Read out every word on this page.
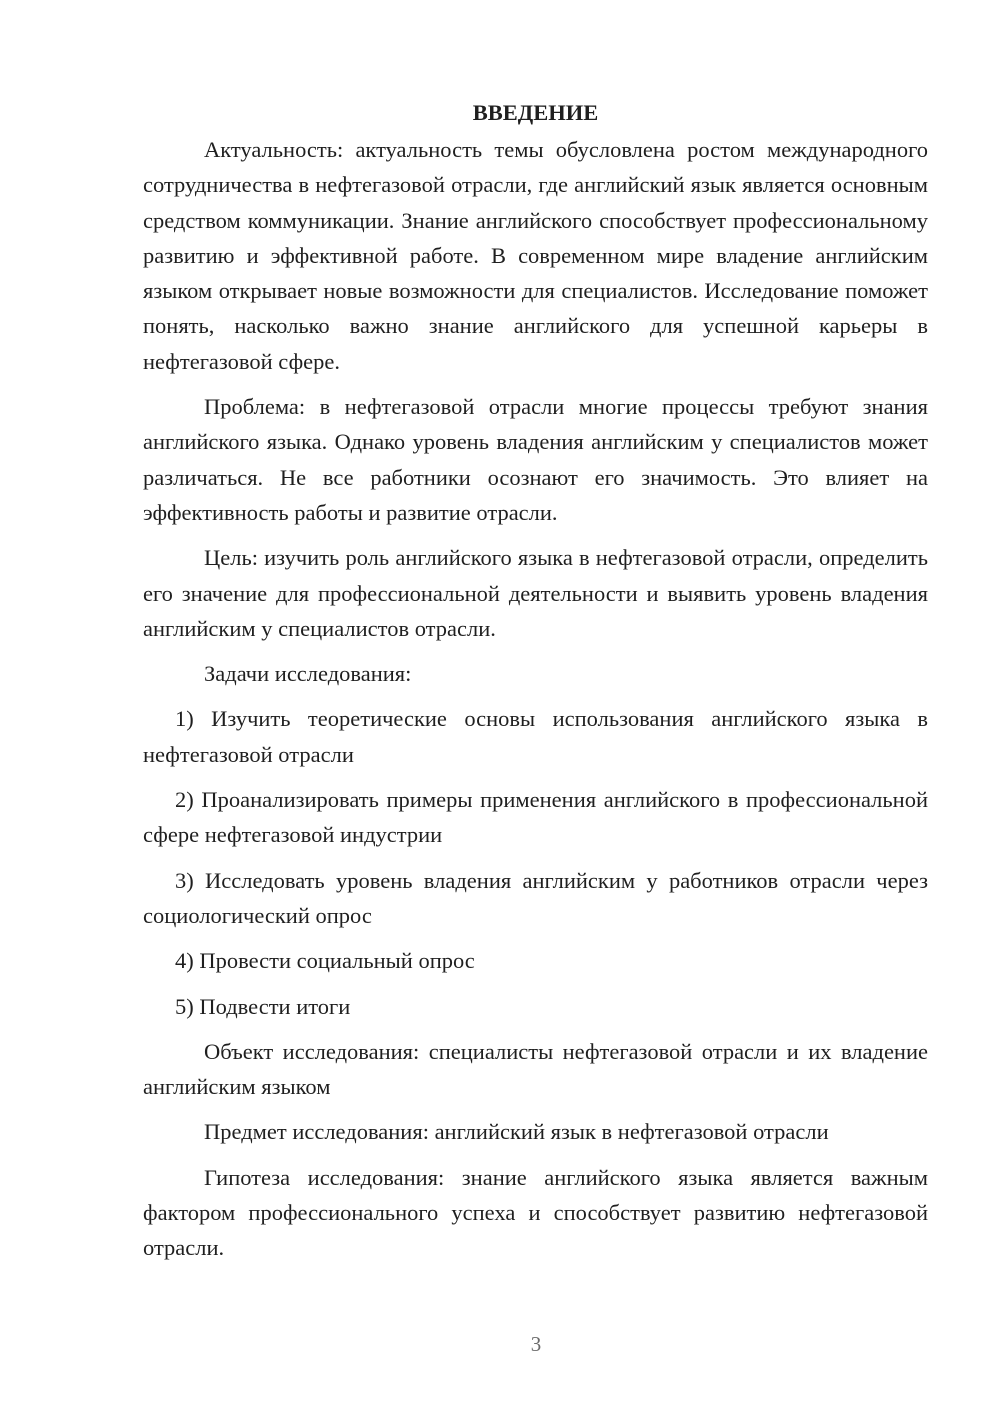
ВВЕДЕНИЕ

Актуальность: актуальность темы обусловлена ростом международного сотрудничества в нефтегазовой отрасли, где английский язык является основным средством коммуникации. Знание английского способствует профессиональному развитию и эффективной работе. В современном мире владение английским языком открывает новые возможности для специалистов. Исследование поможет понять, насколько важно знание английского для успешной карьеры в нефтегазовой сфере.

Проблема: в нефтегазовой отрасли многие процессы требуют знания английского языка. Однако уровень владения английским у специалистов может различаться. Не все работники осознают его значимость. Это влияет на эффективность работы и развитие отрасли.

Цель: изучить роль английского языка в нефтегазовой отрасли, определить его значение для профессиональной деятельности и выявить уровень владения английским у специалистов отрасли.

Задачи исследования:

1) Изучить теоретические основы использования английского языка в нефтегазовой отрасли

2) Проанализировать примеры применения английского в профессиональной сфере нефтегазовой индустрии

3) Исследовать уровень владения английским у работников отрасли через социологический опрос

4) Провести социальный опрос

5) Подвести итоги

Объект исследования: специалисты нефтегазовой отрасли и их владение английским языком

Предмет исследования: английский язык в нефтегазовой отрасли

Гипотеза исследования: знание английского языка является важным фактором профессионального успеха и способствует развитию нефтегазовой отрасли.

3
